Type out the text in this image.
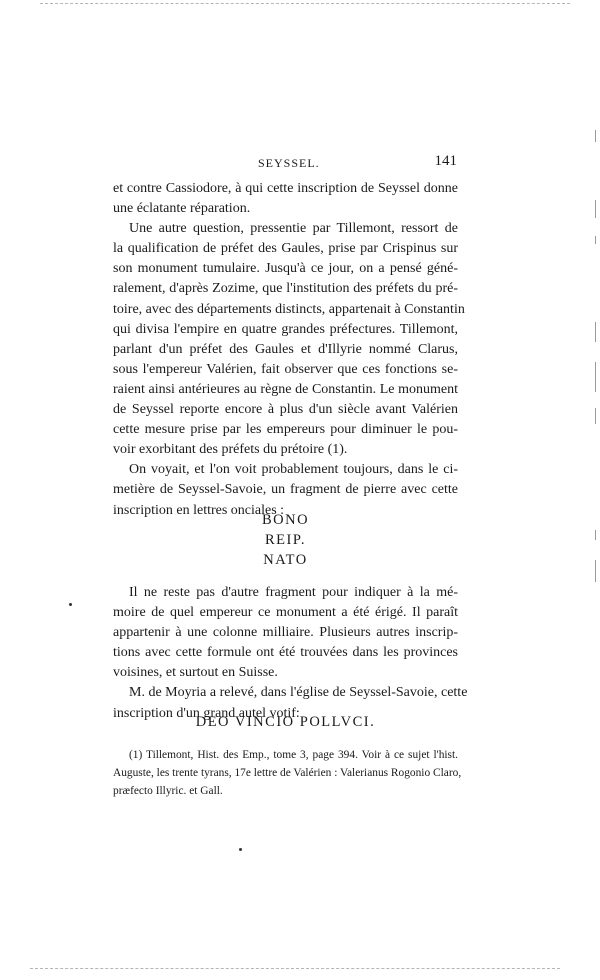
SEYSSEL.	141
et contre Cassiodore, à qui cette inscription de Seyssel donne
une éclatante réparation.
Une autre question, pressentie par Tillemont, ressort de
la qualification de préfet des Gaules, prise par Crispinus sur
son monument tumulaire. Jusqu'à ce jour, on a pensé géné-
ralement, d'après Zozime, que l'institution des préfets du pré-
toire, avec des départements distincts, appartenait à Constantin
qui divisa l'empire en quatre grandes préfectures. Tillemont,
parlant d'un préfet des Gaules et d'Illyrie nommé Clarus,
sous l'empereur Valérien, fait observer que ces fonctions se-
raient ainsi antérieures au règne de Constantin. Le monument
de Seyssel reporte encore à plus d'un siècle avant Valérien
cette mesure prise par les empereurs pour diminuer le pou-
voir exorbitant des préfets du prétoire (1).
On voyait, et l'on voit probablement toujours, dans le ci-
metière de Seyssel-Savoie, un fragment de pierre avec cette
inscription en lettres onciales :
BONO
REIP.
NATO
Il ne reste pas d'autre fragment pour indiquer à la mé-
moire de quel empereur ce monument a été érigé. Il paraît
appartenir à une colonne milliaire. Plusieurs autres inscrip-
tions avec cette formule ont été trouvées dans les provinces
voisines, et surtout en Suisse.
M. de Moyria a relevé, dans l'église de Seyssel-Savoie, cette
inscription d'un grand autel votif:
DEO VINCIO POLLVCI.
(1) Tillemont, Hist. des Emp., tome 3, page 394. Voir à ce sujet l'hist.
Auguste, les trente tyrans, 17e lettre de Valérien : Valerianus Rogonio Claro,
præfecto Illyric. et Gall.
